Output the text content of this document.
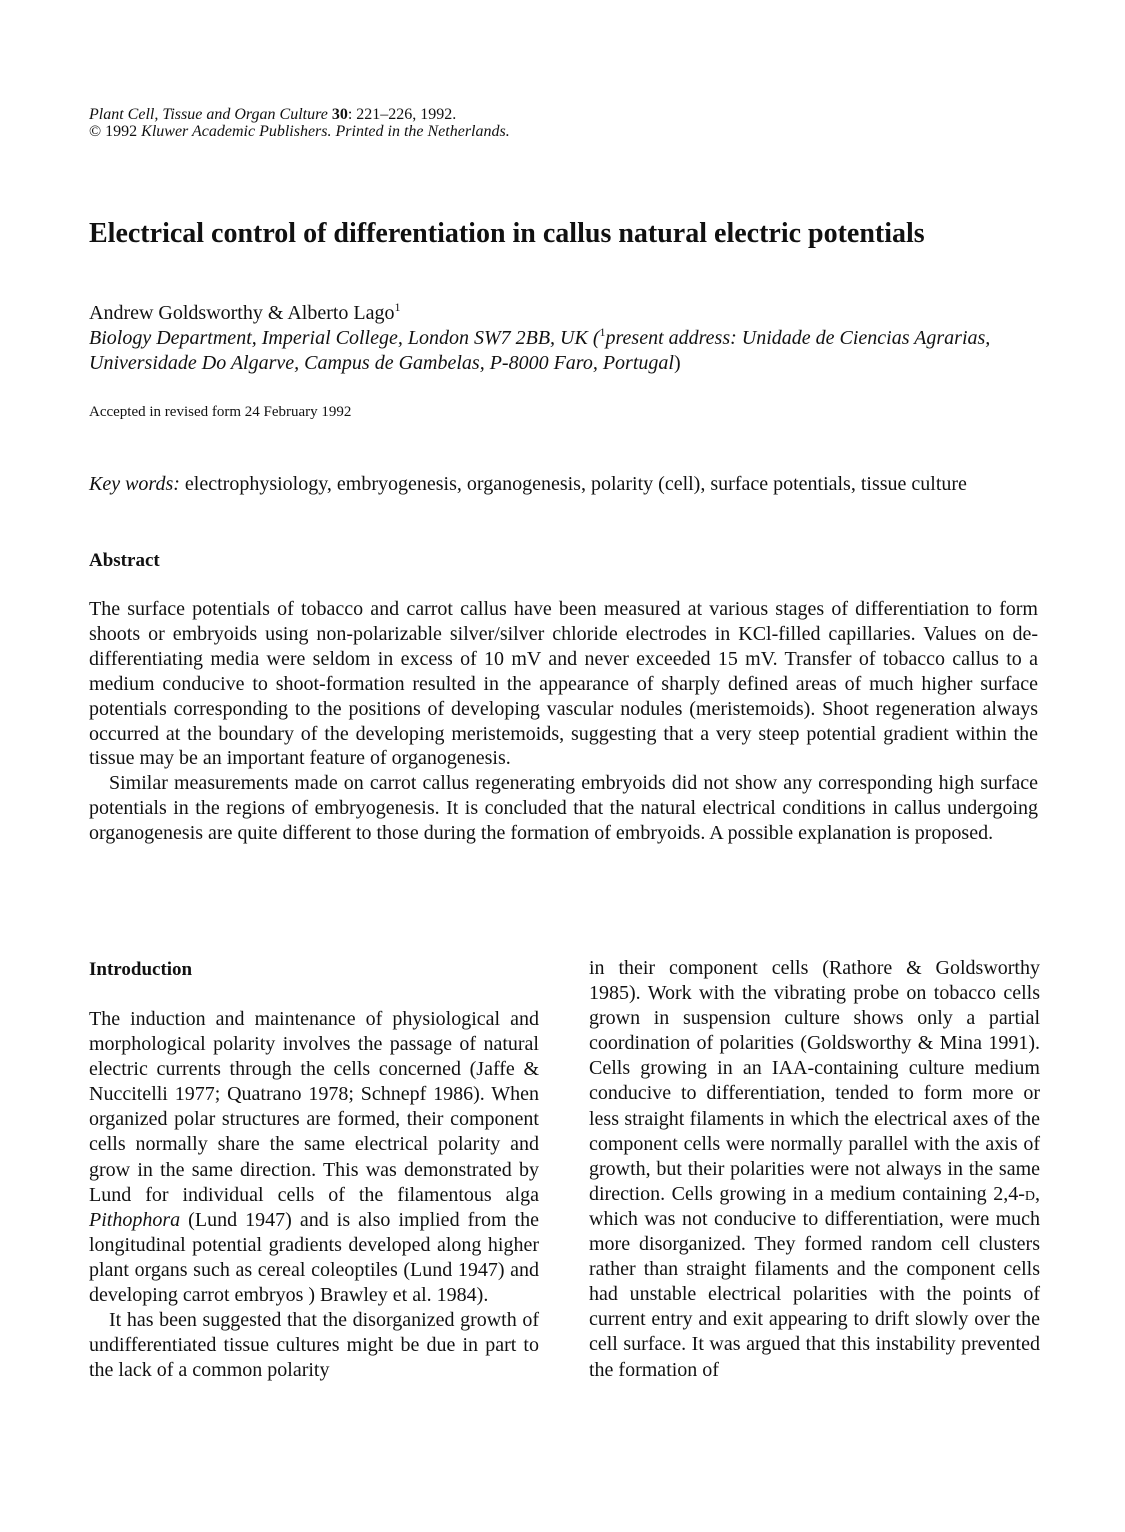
Plant Cell, Tissue and Organ Culture 30: 221–226, 1992.
© 1992 Kluwer Academic Publishers. Printed in the Netherlands.
Electrical control of differentiation in callus natural electric potentials
Andrew Goldsworthy & Alberto Lago$^1$
Biology Department, Imperial College, London SW7 2BB, UK ($^1$present address: Unidade de Ciencias Agrarias, Universidade Do Algarve, Campus de Gambelas, P-8000 Faro, Portugal)
Accepted in revised form 24 February 1992
Key words: electrophysiology, embryogenesis, organogenesis, polarity (cell), surface potentials, tissue culture
Abstract

The surface potentials of tobacco and carrot callus have been measured at various stages of differentiation to form shoots or embryoids using non-polarizable silver/silver chloride electrodes in KCl-filled capillaries. Values on de-differentiating media were seldom in excess of 10 mV and never exceeded 15 mV. Transfer of tobacco callus to a medium conducive to shoot-formation resulted in the appearance of sharply defined areas of much higher surface potentials corresponding to the positions of developing vascular nodules (meristemoids). Shoot regeneration always occurred at the boundary of the developing meristemoids, suggesting that a very steep potential gradient within the tissue may be an important feature of organogenesis.

Similar measurements made on carrot callus regenerating embryoids did not show any corresponding high surface potentials in the regions of embryogenesis. It is concluded that the natural electrical conditions in callus undergoing organogenesis are quite different to those during the formation of embryoids. A possible explanation is proposed.

Introduction

The induction and maintenance of physiological and morphological polarity involves the passage of natural electric currents through the cells concerned (Jaffe & Nuccitelli 1977; Quatrano 1978; Schnepf 1986). When organized polar structures are formed, their component cells normally share the same electrical polarity and grow in the same direction. This was demonstrated by Lund for individual cells of the filamentous alga Pithophora (Lund 1947) and is also implied from the longitudinal potential gradients developed along higher plant organs such as cereal coleoptiles (Lund 1947) and developing carrot embryos ) Brawley et al. 1984).

It has been suggested that the disorganized growth of undifferentiated tissue cultures might be due in part to the lack of a common polarity

in their component cells (Rathore & Goldsworthy 1985). Work with the vibrating probe on tobacco cells grown in suspension culture shows only a partial coordination of polarities (Goldsworthy & Mina 1991). Cells growing in an IAA-containing culture medium conducive to differentiation, tended to form more or less straight filaments in which the electrical axes of the component cells were normally parallel with the axis of growth, but their polarities were not always in the same direction. Cells growing in a medium containing 2,4-d, which was not conducive to differentiation, were much more disorganized. They formed random cell clusters rather than straight filaments and the component cells had unstable electrical polarities with the points of current entry and exit appearing to drift slowly over the cell surface. It was argued that this instability prevented the formation of
